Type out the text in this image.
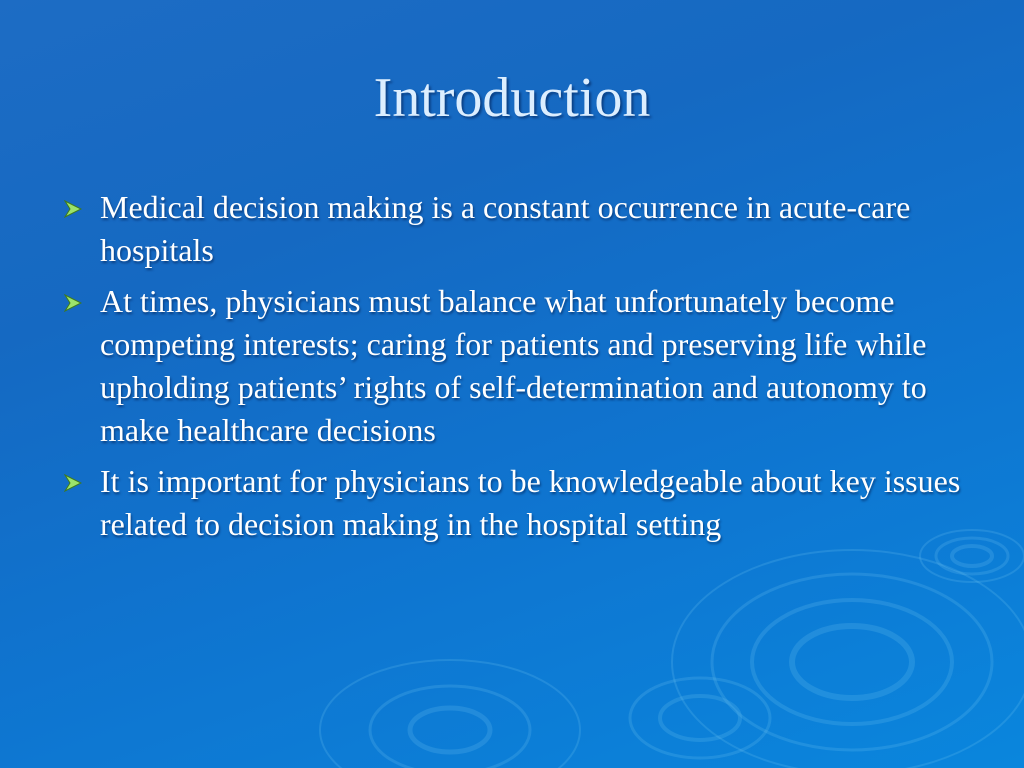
Introduction
Medical decision making is a constant occurrence in acute-care hospitals
At times, physicians must balance what unfortunately become competing interests; caring for patients and preserving life while upholding patients’ rights of self-determination and autonomy to make healthcare decisions
It is important for physicians to be knowledgeable about key issues related to decision making in the hospital setting
